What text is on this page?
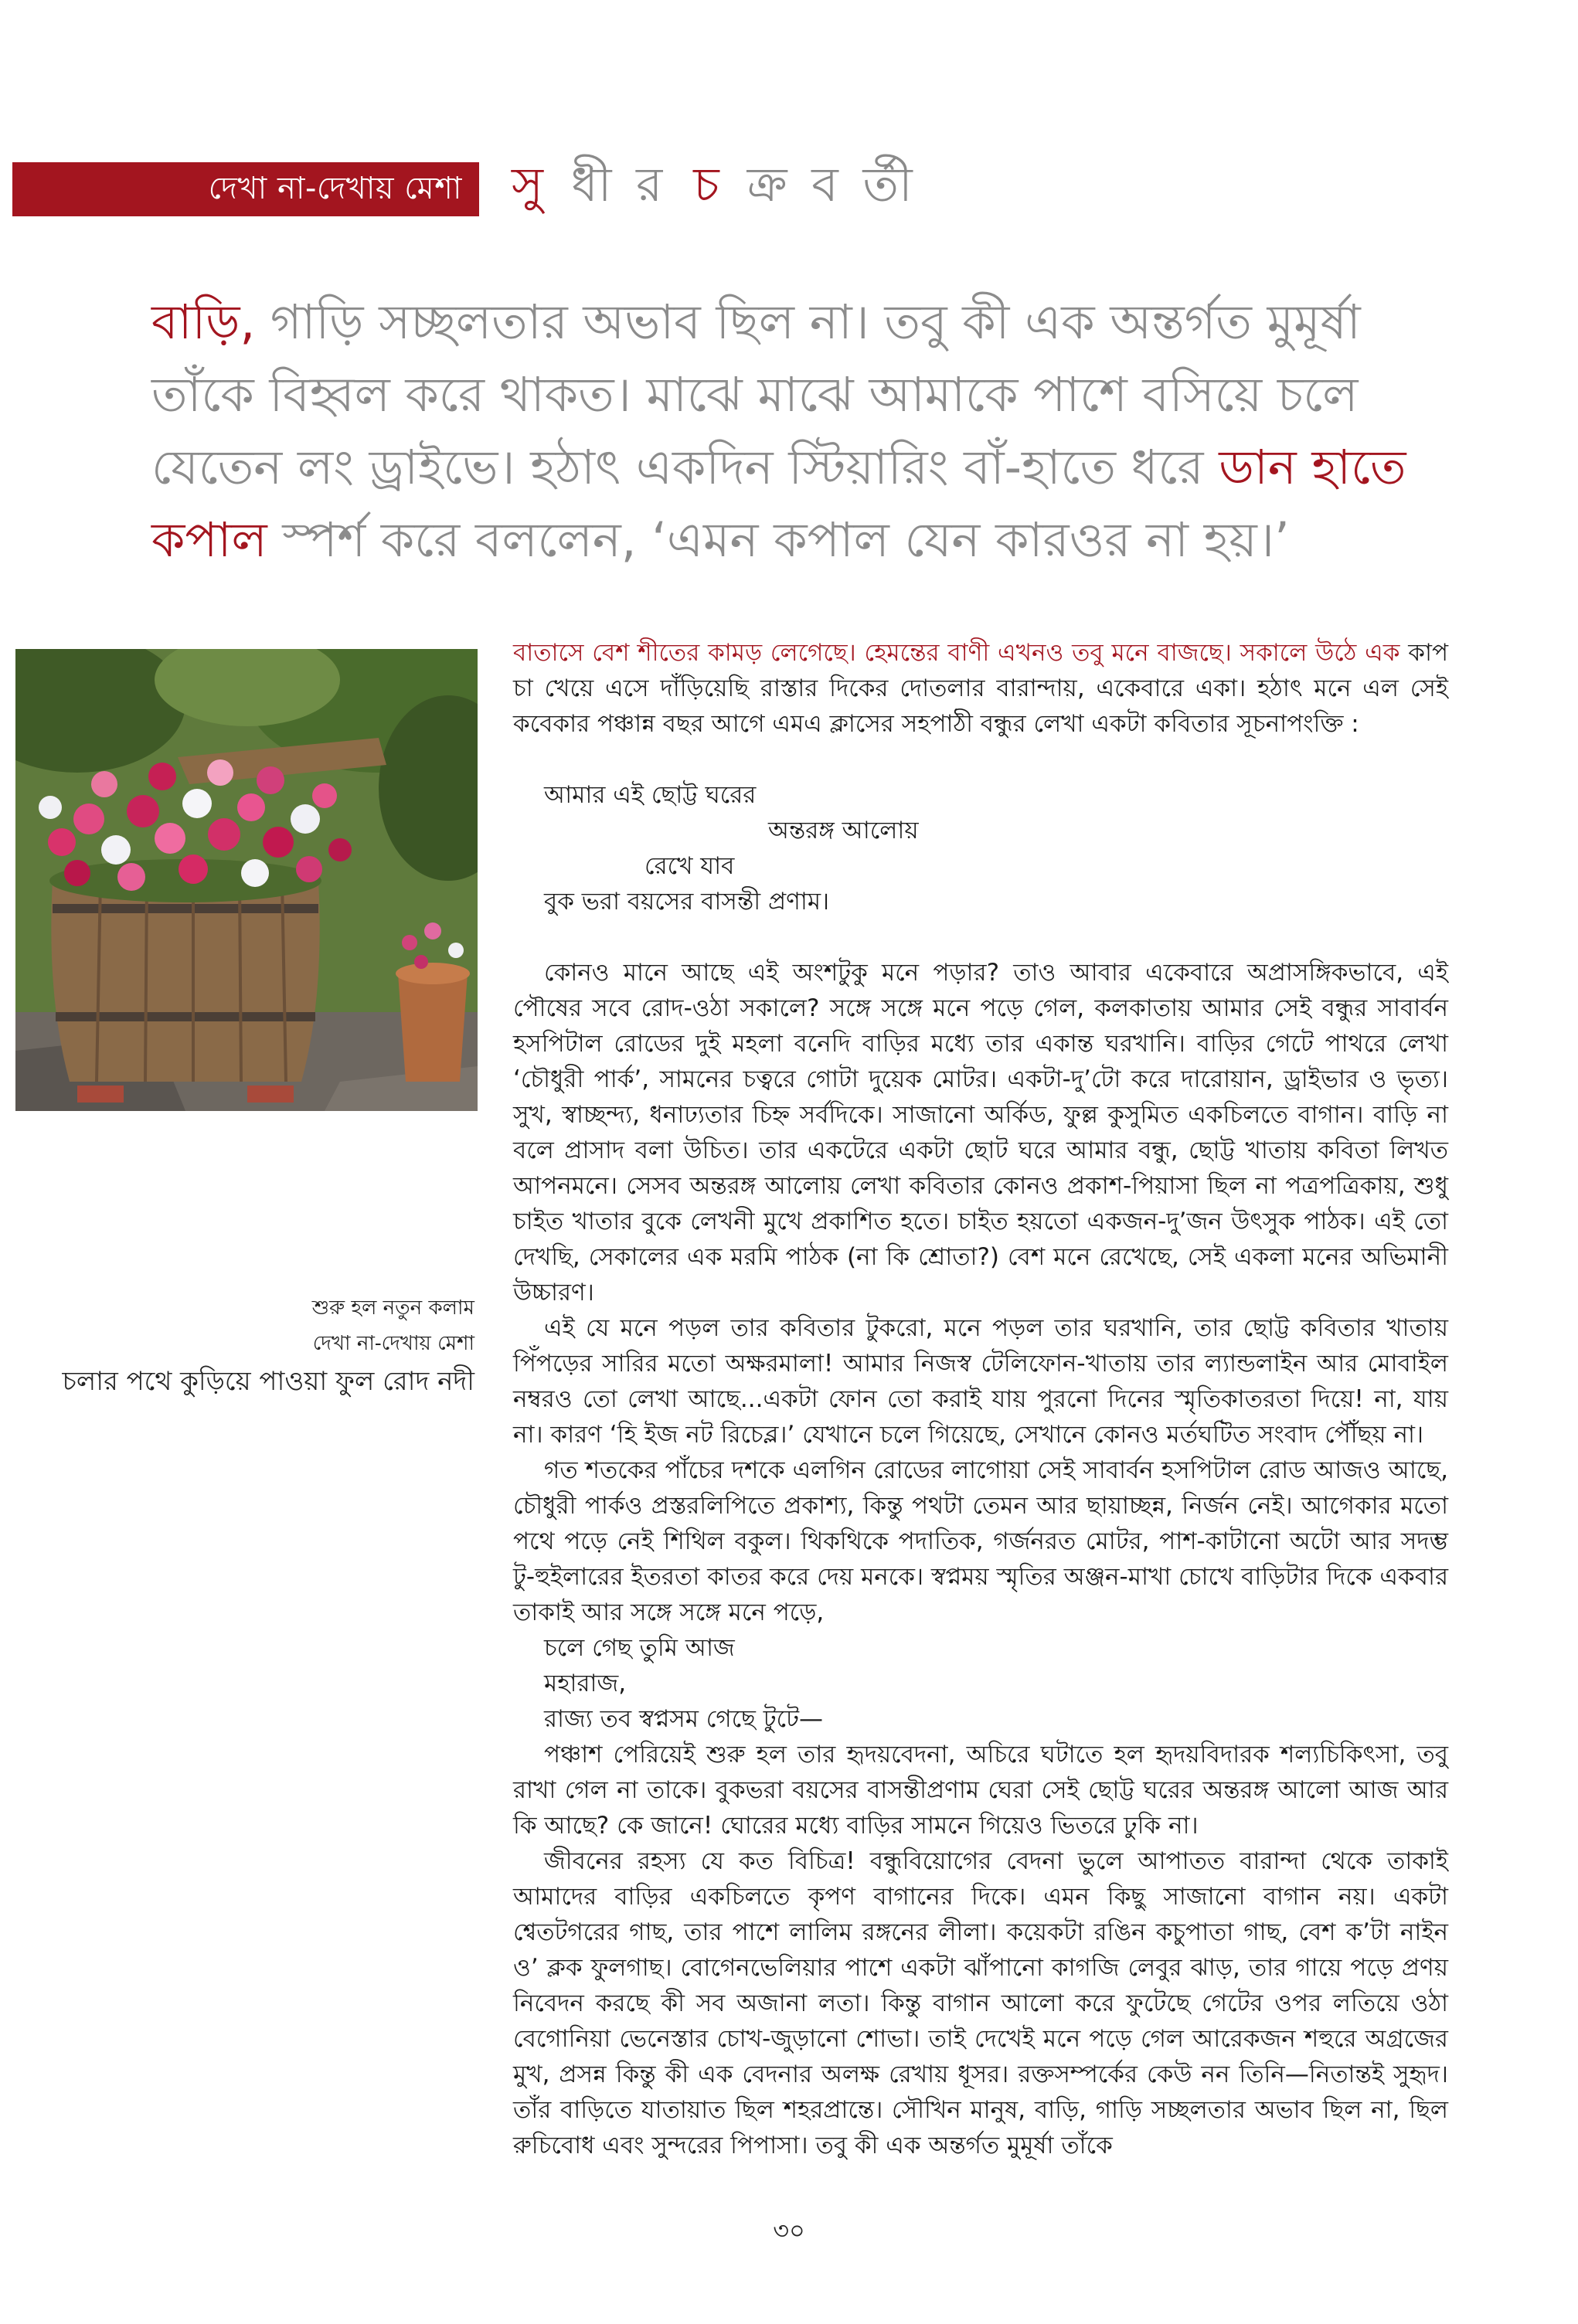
দেখা না-দেখায় মেশা সু ধী র চ ক্র ব র্তী

বাড়ি, গাড়ি সচ্ছলতার অভাব ছিল না। তবু কী এক অন্তর্গত মুমূর্ষা তাঁকে বিহ্বল করে থাকত। মাঝে মাঝে আমাকে পাশে বসিয়ে চলে যেতেন লং ড্রাইভে। হঠাৎ একদিন স্টিয়ারিং বাঁ-হাতে ধরে ডান হাতে কপাল স্পর্শ করে বললেন, ‘এমন কপাল যেন কারওর না হয়।’

শুরু হল নতুন কলাম
দেখা না-দেখায় মেশা
চলার পথে কুড়িয়ে পাওয়া ফুল রোদ নদী

বাতাসে বেশ শীতের কামড় লেগেছে। হেমন্তের বাণী এখনও তবু মনে বাজছে। সকালে উঠে এক কাপ চা খেয়ে এসে দাঁড়িয়েছি রাস্তার দিকের দোতলার বারান্দায়, একেবারে একা। হঠাৎ মনে এল সেই কবেকার পঞ্চান্ন বছর আগে এমএ ক্লাসের সহপাঠী বন্ধুর লেখা একটা কবিতার সূচনাপংক্তি :

আমার এই ছোট্ট ঘরের
অন্তরঙ্গ আলোয়
রেখে যাব
বুক ভরা বয়সের বাসন্তী প্রণাম।

কোনও মানে আছে এই অংশটুকু মনে পড়ার? তাও আবার একেবারে অপ্রাসঙ্গিকভাবে, এই পৌষের সবে রোদ-ওঠা সকালে? সঙ্গে সঙ্গে মনে পড়ে গেল, কলকাতায় আমার সেই বন্ধুর সাবার্বন হসপিটাল রোডের দুই মহলা বনেদি বাড়ির মধ্যে তার একান্ত ঘরখানি। বাড়ির গেটে পাথরে লেখা ‘চৌধুরী পার্ক’, সামনের চত্বরে গোটা দুয়েক মোটর। একটা-দু’টো করে দারোয়ান, ড্রাইভার ও ভৃত্য। সুখ, স্বাচ্ছন্দ্য, ধনাঢ্যতার চিহ্ন সর্বদিকে। সাজানো অর্কিড, ফুল্ল কুসুমিত একচিলতে বাগান। বাড়ি না বলে প্রাসাদ বলা উচিত। তার একটেরে একটা ছোট ঘরে আমার বন্ধু, ছোট্ট খাতায় কবিতা লিখত আপনমনে। সেসব অন্তরঙ্গ আলোয় লেখা কবিতার কোনও প্রকাশ-পিয়াসা ছিল না পত্রপত্রিকায়, শুধু চাইত খাতার বুকে লেখনী মুখে প্রকাশিত হতে। চাইত হয়তো একজন-দু’জন উৎসুক পাঠক। এই তো দেখছি, সেকালের এক মরমি পাঠক (না কি শ্রোতা?) বেশ মনে রেখেছে, সেই একলা মনের অভিমানী উচ্চারণ।

এই যে মনে পড়ল তার কবিতার টুকরো, মনে পড়ল তার ঘরখানি, তার ছোট্ট কবিতার খাতায় পিঁপড়ের সারির মতো অক্ষরমালা! আমার নিজস্ব টেলিফোন-খাতায় তার ল্যান্ডলাইন আর মোবাইল নম্বরও তো লেখা আছে...একটা ফোন তো করাই যায় পুরনো দিনের স্মৃতিকাতরতা দিয়ে! না, যায় না। কারণ ‘হি ইজ নট রিচেব্ল।’ যেখানে চলে গিয়েছে, সেখানে কোনও মর্তঘটিত সংবাদ পৌঁছয় না।

গত শতকের পাঁচের দশকে এলগিন রোডের লাগোয়া সেই সাবার্বন হসপিটাল রোড আজও আছে, চৌধুরী পার্কও প্রস্তরলিপিতে প্রকাশ্য, কিন্তু পথটা তেমন আর ছায়াচ্ছন্ন, নির্জন নেই। আগেকার মতো পথে পড়ে নেই শিথিল বকুল। থিকথিকে পদাতিক, গর্জনরত মোটর, পাশ-কাটানো অটো আর সদম্ভ টু-হুইলারের ইতরতা কাতর করে দেয় মনকে। স্বপ্নময় স্মৃতির অঞ্জন-মাখা চোখে বাড়িটার দিকে একবার তাকাই আর সঙ্গে সঙ্গে মনে পড়ে,

চলে গেছ তুমি আজ
মহারাজ,
রাজ্য তব স্বপ্নসম গেছে টুটে—

পঞ্চাশ পেরিয়েই শুরু হল তার হৃদয়বেদনা, অচিরে ঘটাতে হল হৃদয়বিদারক শল্যচিকিৎসা, তবু রাখা গেল না তাকে। বুকভরা বয়সের বাসন্তীপ্রণাম ঘেরা সেই ছোট্ট ঘরের অন্তরঙ্গ আলো আজ আর কি আছে? কে জানে! ঘোরের মধ্যে বাড়ির সামনে গিয়েও ভিতরে ঢুকি না।

জীবনের রহস্য যে কত বিচিত্র! বন্ধুবিয়োগের বেদনা ভুলে আপাতত বারান্দা থেকে তাকাই আমাদের বাড়ির একচিলতে কৃপণ বাগানের দিকে। এমন কিছু সাজানো বাগান নয়। একটা শ্বেতটগরের গাছ, তার পাশে লালিম রঙ্গনের লীলা। কয়েকটা রঙিন কচুপাতা গাছ, বেশ ক’টা নাইন ও’ ক্লক ফুলগাছ। বোগেনভেলিয়ার পাশে একটা ঝাঁপানো কাগজি লেবুর ঝাড়, তার গায়ে পড়ে প্রণয় নিবেদন করছে কী সব অজানা লতা। কিন্তু বাগান আলো করে ফুটেছে গেটের ওপর লতিয়ে ওঠা বেগোনিয়া ভেনেস্তার চোখ-জুড়ানো শোভা। তাই দেখেই মনে পড়ে গেল আরেকজন শহুরে অগ্রজের মুখ, প্রসন্ন কিন্তু কী এক বেদনার অলক্ষ রেখায় ধূসর। রক্তসম্পর্কের কেউ নন তিনি—নিতান্তই সুহৃদ। তাঁর বাড়িতে যাতায়াত ছিল শহরপ্রান্তে। সৌখিন মানুষ, বাড়ি, গাড়ি সচ্ছলতার অভাব ছিল না, ছিল রুচিবোধ এবং সুন্দরের পিপাসা। তবু কী এক অন্তর্গত মুমূর্ষা তাঁকে

৩০
